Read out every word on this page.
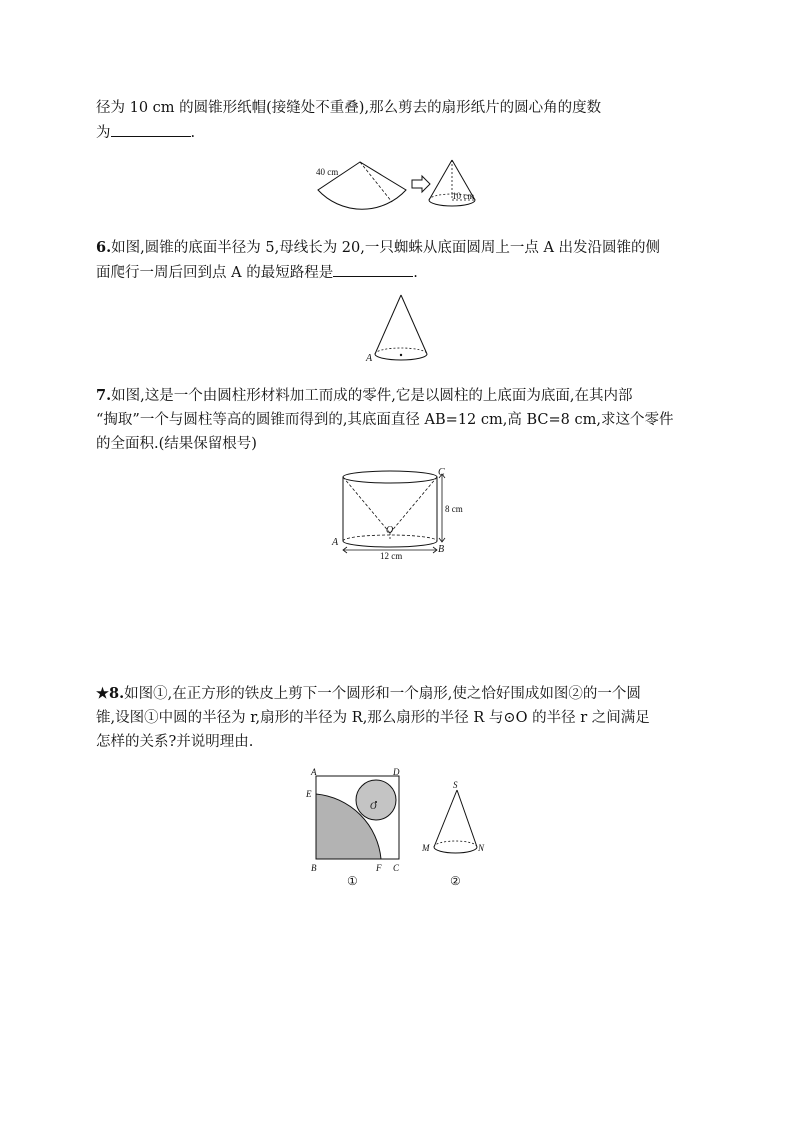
径为 10 cm 的圆锥形纸帽(接缝处不重叠),那么剪去的扇形纸片的圆心角的度数
为	.
40 cm
10 cm
6.如图,圆锥的底面半径为 5,母线长为 20,一只蜘蛛从底面圆周上一点 A 出发沿圆锥的侧
面爬行一周后回到点 A 的最短路程是	.
A
7.如图,这是一个由圆柱形材料加工而成的零件,它是以圆柱的上底面为底面,在其内部
“掏取”一个与圆柱等高的圆锥而得到的,其底面直径 AB=12 cm,高 BC=8 cm,求这个零件
的全面积.(结果保留根号)
C
A
B
O
8 cm
12 cm
★8.如图①,在正方形的铁皮上剪下一个圆形和一个扇形,使之恰好围成如图②的一个圆
锥,设图①中圆的半径为 r,扇形的半径为 R,那么扇形的半径 R 与⊙O 的半径 r 之间满足
怎样的关系?并说明理由.
A	D
E
O
B	F C
①
S
M	N
②
